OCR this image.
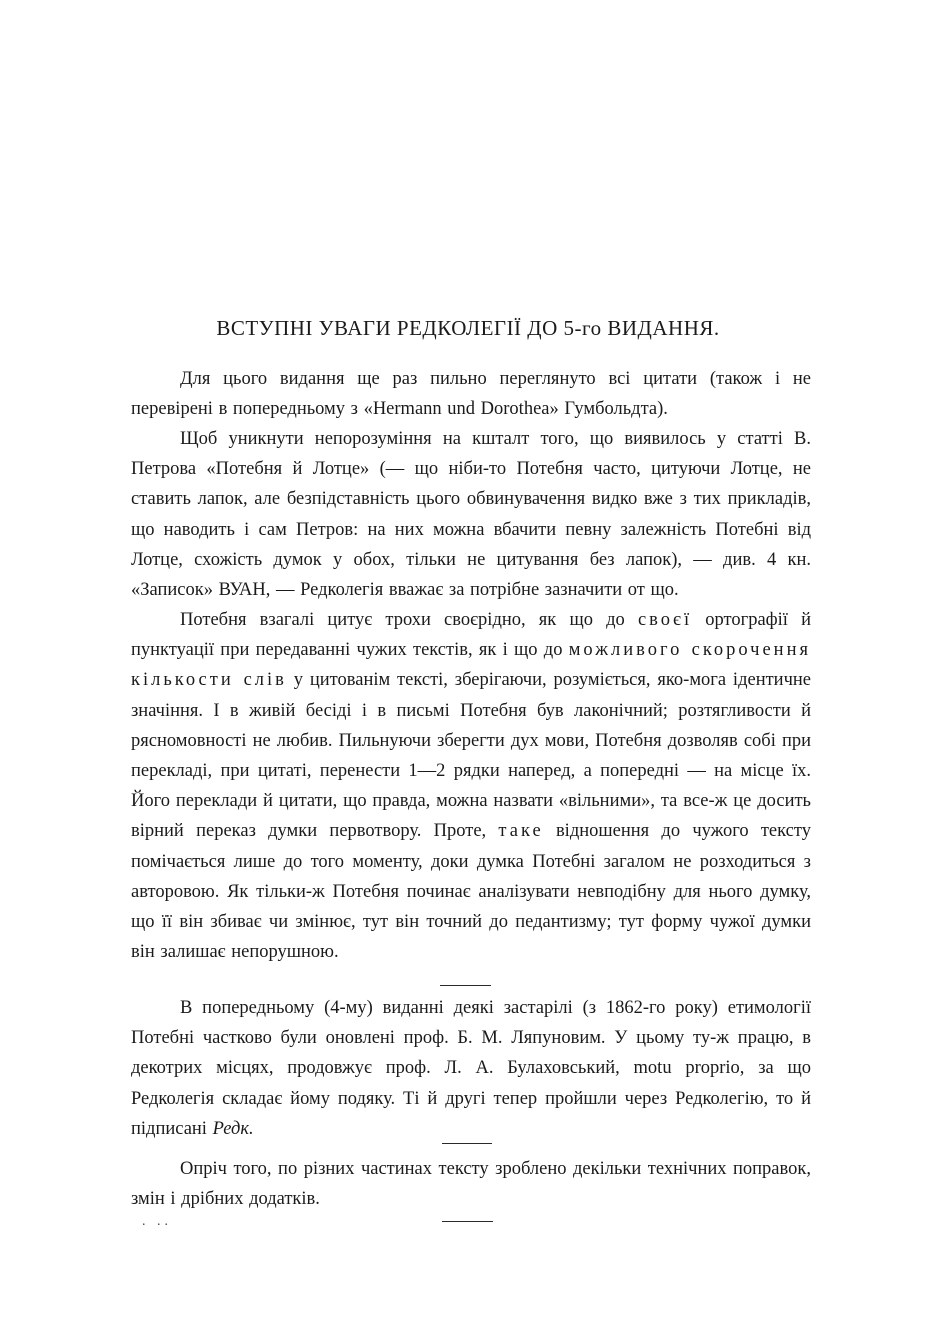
ВСТУПНІ УВАГИ РЕДКОЛЕГІЇ ДО 5-го ВИДАННЯ.

Для цього видання ще раз пильно переглянуто всі цитати (також і не перевірені в попередньому з «Hermann und Dorothea» Гумбольдта).

Щоб уникнути непорозуміння на кшталт того, що виявилось у статті В. Петрова «Потебня й Лотце» (— що ніби-то Потебня часто, цитуючи Лотце, не ставить лапок, але безпідставність цього обвинувачення видко вже з тих прикладів, що наводить і сам Петров: на них можна вбачити певну залежність Потебні від Лотце, схожість думок у обох, тільки не цитування без лапок), — див. 4 кн. «Записок» ВУАН, — Редколегія вважає за потрібне зазначити от що.

Потебня взагалі цитує трохи своєрідно, як що до своєї ортографії й пунктуації при передаванні чужих текстів, як і що до можливого скорочення кількости слів у цитованім тексті, зберігаючи, розуміється, яко-мога ідентичне значіння. І в живій бесіді і в письмі Потебня був лаконічний; розтягливости й рясномовності не любив. Пильнуючи зберегти дух мови, Потебня дозволяв собі при перекладі, при цитаті, перенести 1—2 рядки наперед, а попередні — на місце їх. Його переклади й цитати, що правда, можна назвати «вільними», та все-ж це досить вірний переказ думки первотвору. Проте, таке відношення до чужого тексту помічається лише до того моменту, доки думка Потебні загалом не розходиться з авторовою. Як тільки-ж Потебня починає аналізувати невподібну для нього думку, що її він збиває чи змінює, тут він точний до педантизму; тут форму чужої думки він залишає непорушною.

В попередньому (4-му) виданні деякі застарілі (з 1862-го року) етимології Потебні частково були оновлені проф. Б. М. Ляпуновим. У цьому ту-ж працю, в декотрих місцях, продовжує проф. Л. А. Булаховський, motu proprio, за що Редколегія складає йому подяку. Ті й другі тепер пройшли через Редколегію, то й підписані Редк.

Опріч того, по різних частинах тексту зроблено декільки технічних поправок, змін і дрібних додатків.

. ..
